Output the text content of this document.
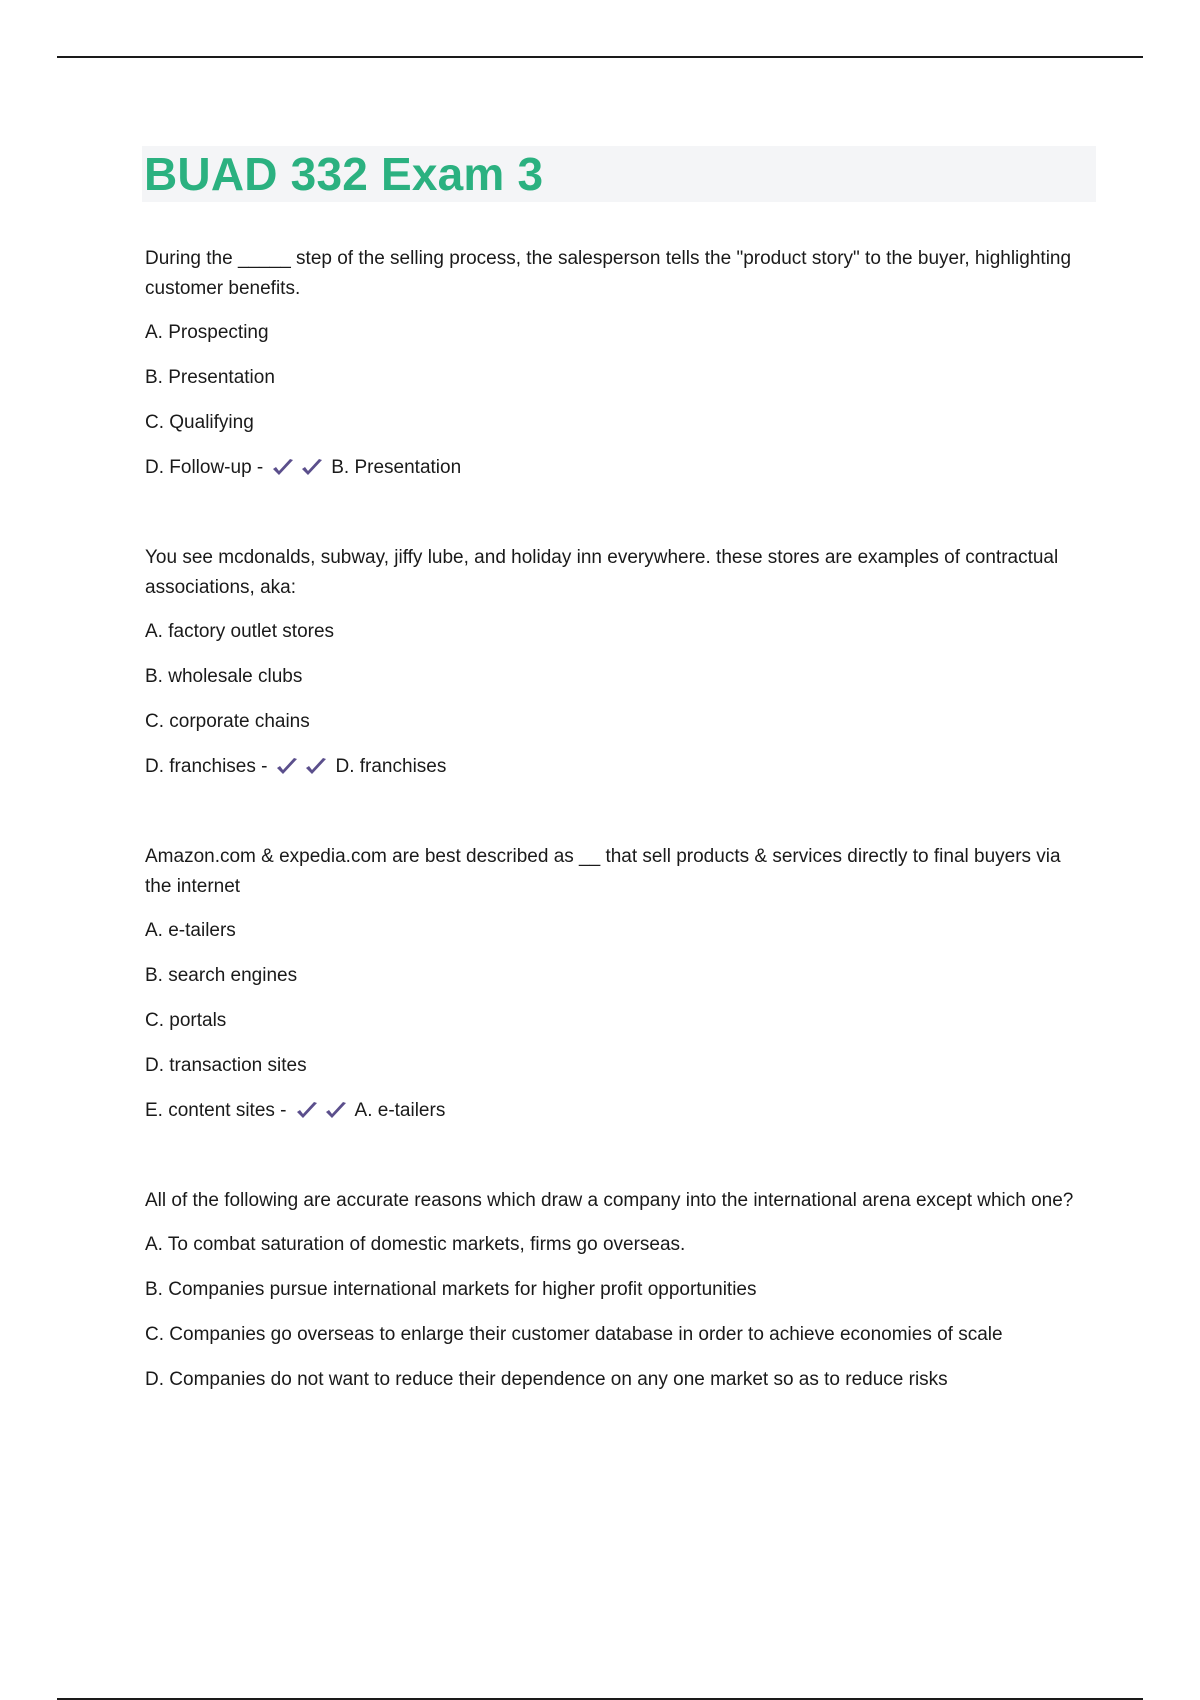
BUAD 332 Exam 3

During the _____ step of the selling process, the salesperson tells the "product story" to the buyer, highlighting customer benefits.

A. Prospecting

B. Presentation

C. Qualifying

D. Follow-up -	B. Presentation

You see mcdonalds, subway, jiffy lube, and holiday inn everywhere. these stores are examples of contractual associations, aka:

A. factory outlet stores

B. wholesale clubs

C. corporate chains

D. franchises -	D. franchises

Amazon.com & expedia.com are best described as __ that sell products & services directly to final buyers via the internet

A. e-tailers

B. search engines

C. portals

D. transaction sites

E. content sites -	A. e-tailers

All of the following are accurate reasons which draw a company into the international arena except which one?

A. To combat saturation of domestic markets, firms go overseas.

B. Companies pursue international markets for higher profit opportunities

C. Companies go overseas to enlarge their customer database in order to achieve economies of scale

D. Companies do not want to reduce their dependence on any one market so as to reduce risks
